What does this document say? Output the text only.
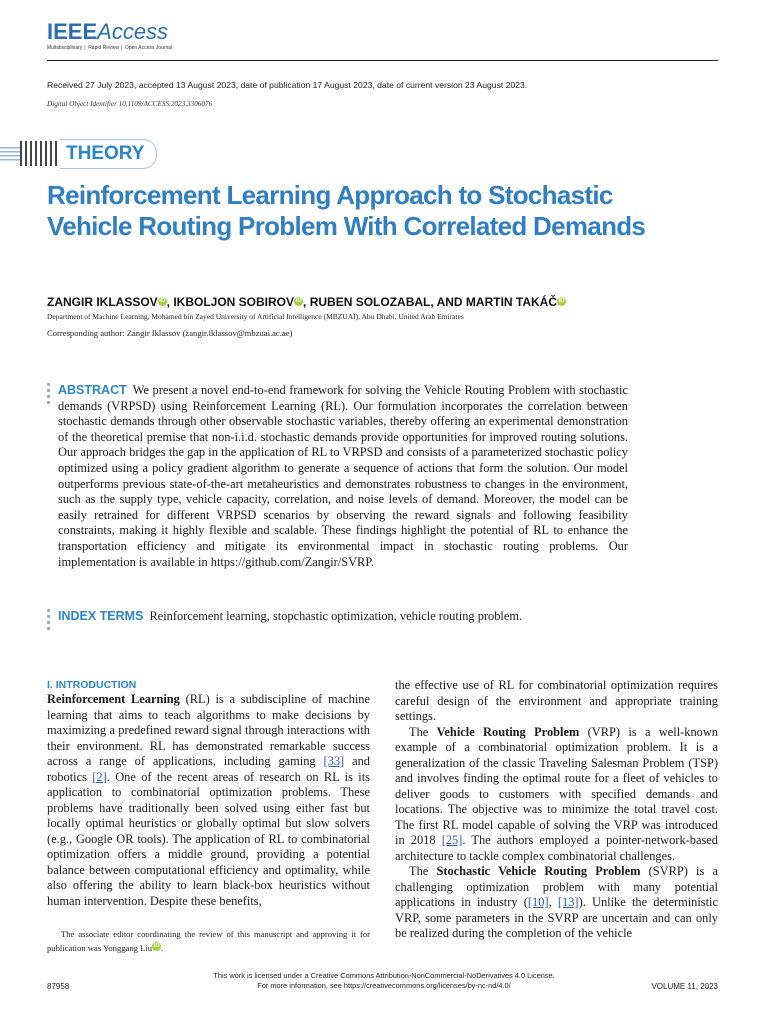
IEEEAccess
Multidisciplinary │ Rapid Review │ Open Access Journal
Received 27 July 2023, accepted 13 August 2023, date of publication 17 August 2023, date of current version 23 August 2023.
Digital Object Identifier 10.1109/ACCESS.2023.3306076
THEORY
Reinforcement Learning Approach to Stochastic Vehicle Routing Problem With Correlated Demands
ZANGIR IKLASSOV iD , IKBOLJON SOBIROV iD , RUBEN SOLOZABAL, AND MARTIN TAKÁČ iD
Department of Machine Learning, Mohamed bin Zayed University of Artificial Intelligence (MBZUAI), Abu Dhabi, United Arab Emirates
Corresponding author: Zangir Iklassov (zangir.iklassov@mbzuai.ac.ae)
ABSTRACT We present a novel end-to-end framework for solving the Vehicle Routing Problem with stochastic demands (VRPSD) using Reinforcement Learning (RL). Our formulation incorporates the correlation between stochastic demands through other observable stochastic variables, thereby offering an experimental demonstration of the theoretical premise that non-i.i.d. stochastic demands provide opportunities for improved routing solutions. Our approach bridges the gap in the application of RL to VRPSD and consists of a parameterized stochastic policy optimized using a policy gradient algorithm to generate a sequence of actions that form the solution. Our model outperforms previous state-of-the-art metaheuristics and demonstrates robustness to changes in the environment, such as the supply type, vehicle capacity, correlation, and noise levels of demand. Moreover, the model can be easily retrained for different VRPSD scenarios by observing the reward signals and following feasibility constraints, making it highly flexible and scalable. These findings highlight the potential of RL to enhance the transportation efficiency and mitigate its environmental impact in stochastic routing problems. Our implementation is available in https://github.com/Zangir/SVRP.
INDEX TERMS Reinforcement learning, stopchastic optimization, vehicle routing problem.
I. INTRODUCTION

Reinforcement Learning (RL) is a subdiscipline of machine learning that aims to teach algorithms to make decisions by maximizing a predefined reward signal through interactions with their environment. RL has demonstrated remarkable success across a range of applications, including gaming [33] and robotics [2]. One of the recent areas of research on RL is its application to combinatorial optimization problems. These problems have traditionally been solved using either fast but locally optimal heuristics or globally optimal but slow solvers (e.g., Google OR tools). The application of RL to combinatorial optimization offers a middle ground, providing a potential balance between computational efficiency and optimality, while also offering the ability to learn black-box heuristics without human intervention. Despite these benefits,

The associate editor coordinating the review of this manuscript and approving it for publication was Yonggang Liu iD .

the effective use of RL for combinatorial optimization requires careful design of the environment and appropriate training settings.

The Vehicle Routing Problem (VRP) is a well-known example of a combinatorial optimization problem. It is a generalization of the classic Traveling Salesman Problem (TSP) and involves finding the optimal route for a fleet of vehicles to deliver goods to customers with specified demands and locations. The objective was to minimize the total travel cost. The first RL model capable of solving the VRP was introduced in 2018 [25]. The authors employed a pointer-network-based architecture to tackle complex combinatorial challenges.

The Stochastic Vehicle Routing Problem (SVRP) is a challenging optimization problem with many potential applications in industry ([10], [13]). Unlike the deterministic VRP, some parameters in the SVRP are uncertain and can only be realized during the completion of the vehicle

This work is licensed under a Creative Commons Attribution-NonCommercial-NoDerivatives 4.0 License.
For more information, see https://creativecommons.org/licenses/by-nc-nd/4.0/
87958	VOLUME 11, 2023
